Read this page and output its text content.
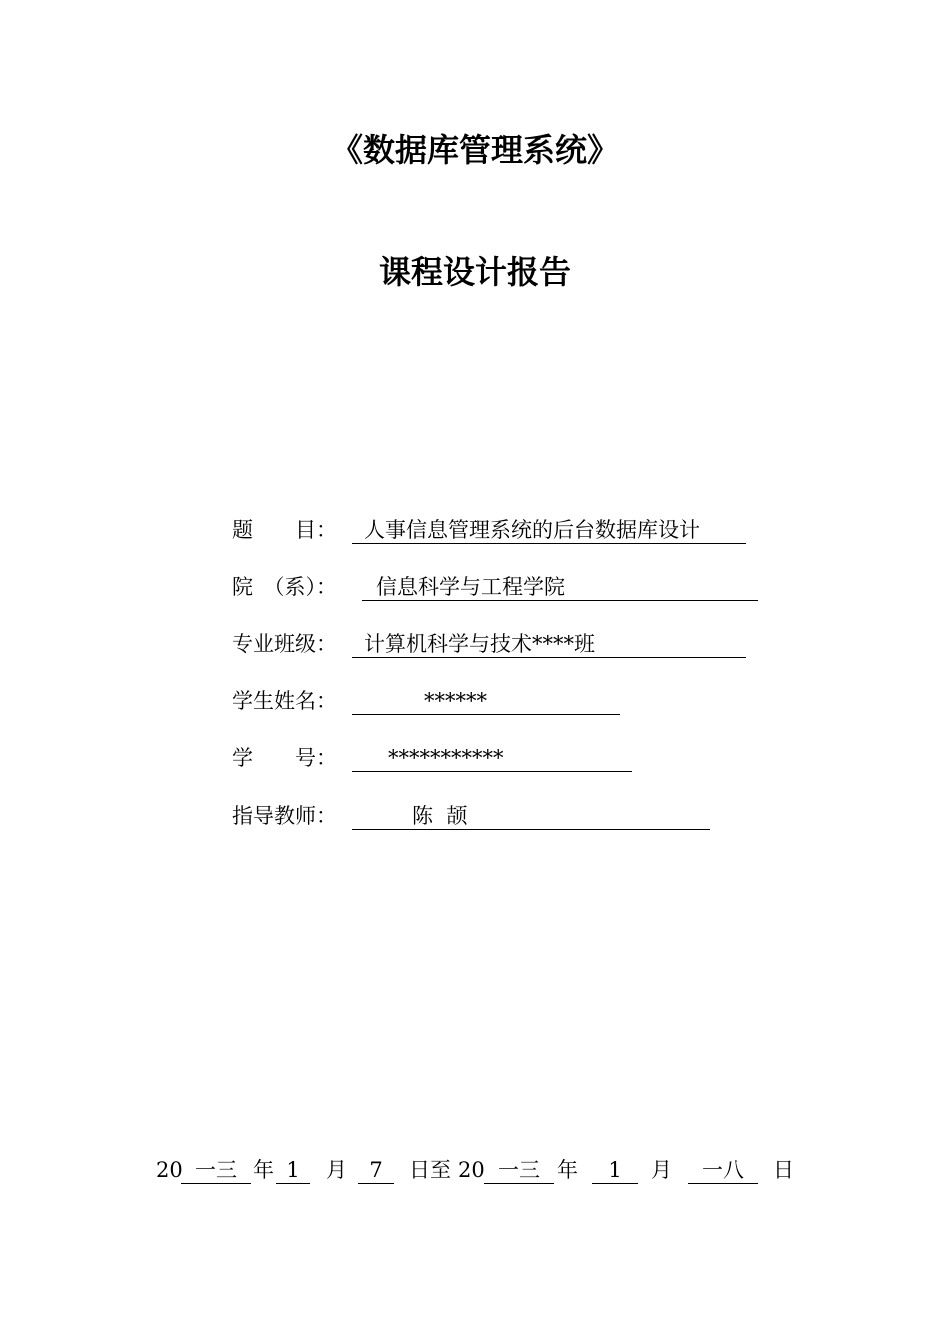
《数据库管理系统》
课程设计报告
题　　目： 人事信息管理系统的后台数据库设计
院　（系）： 信息科学与工程学院
专业班级： 计算机科学与技术****班
学生姓名：	******
学　　号： ***********
指导教师：	陈  颉
20 一三 年 1	月	7	日至 20 一三 年	1	月	一八	日
